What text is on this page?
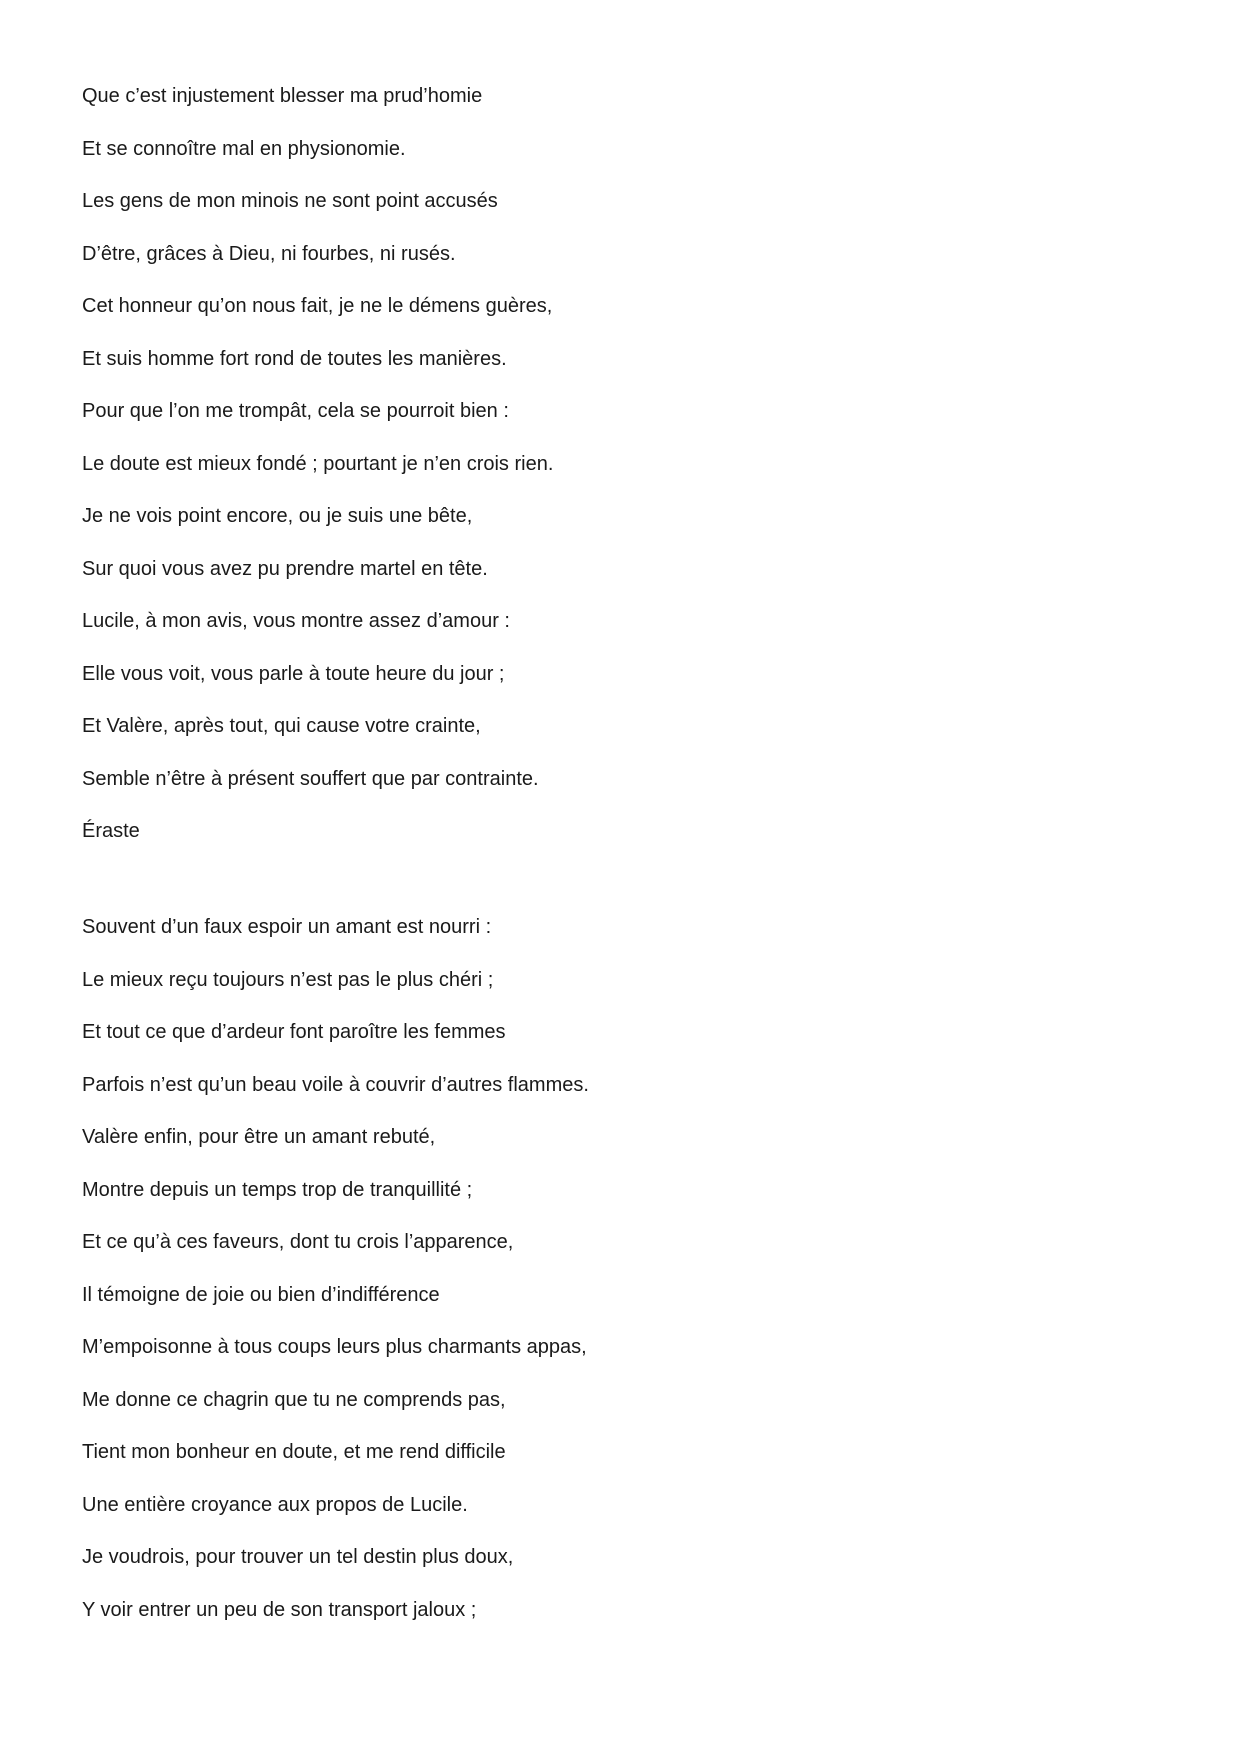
Que c’est injustement blesser ma prud’homie
Et se connoître mal en physionomie.
Les gens de mon minois ne sont point accusés
D’être, grâces à Dieu, ni fourbes, ni rusés.
Cet honneur qu’on nous fait, je ne le démens guères,
Et suis homme fort rond de toutes les manières.
Pour que l’on me trompât, cela se pourroit bien :
Le doute est mieux fondé ; pourtant je n’en crois rien.
Je ne vois point encore, ou je suis une bête,
Sur quoi vous avez pu prendre martel en tête.
Lucile, à mon avis, vous montre assez d’amour :
Elle vous voit, vous parle à toute heure du jour ;
Et Valère, après tout, qui cause votre crainte,
Semble n’être à présent souffert que par contrainte.
Éraste
Souvent d’un faux espoir un amant est nourri :
Le mieux reçu toujours n’est pas le plus chéri ;
Et tout ce que d’ardeur font paroître les femmes
Parfois n’est qu’un beau voile à couvrir d’autres flammes.
Valère enfin, pour être un amant rebuté,
Montre depuis un temps trop de tranquillité ;
Et ce qu’à ces faveurs, dont tu crois l’apparence,
Il témoigne de joie ou bien d’indifférence
M’empoisonne à tous coups leurs plus charmants appas,
Me donne ce chagrin que tu ne comprends pas,
Tient mon bonheur en doute, et me rend difficile
Une entière croyance aux propos de Lucile.
Je voudrois, pour trouver un tel destin plus doux,
Y voir entrer un peu de son transport jaloux ;
